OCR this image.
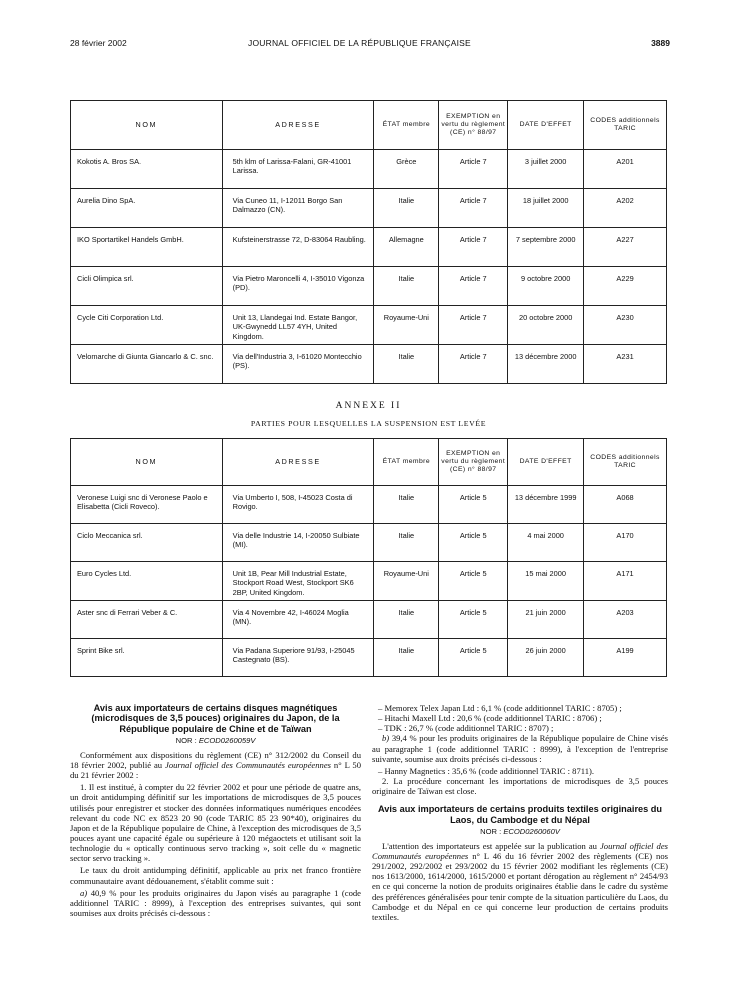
28 février 2002	JOURNAL OFFICIEL DE LA RÉPUBLIQUE FRANÇAISE	3889
NOM	ADRESSE	ÉTAT membre	EXEMPTION en vertu du règlement (CE) n° 88/97	DATE D'EFFET	CODES additionnels TARIC
Kokotis A. Bros SA.	5th klm of Larissa-Falani, GR-41001 Larissa.	Grèce	Article 7	3 juillet 2000	A201
Aurelia Dino SpA.	Via Cuneo 11, I-12011 Borgo San Dalmazzo (CN).	Italie	Article 7	18 juillet 2000	A202
IKO Sportartikel Handels GmbH.	Kufsteinerstrasse 72, D-83064 Raubling.	Allemagne	Article 7	7 septembre 2000	A227
Cicli Olimpica srl.	Via Pietro Maroncelli 4, I-35010 Vigonza (PD).	Italie	Article 7	9 octobre 2000	A229
Cycle Citi Corporation Ltd.	Unit 13, Llandegai Ind. Estate Bangor, UK-Gwynedd LL57 4YH, United Kingdom.	Royaume-Uni	Article 7	20 octobre 2000	A230
Velomarche di Giunta Giancarlo & C. snc.	Via dell'Industria 3, I-61020 Montecchio (PS).	Italie	Article 7	13 décembre 2000	A231
ANNEXE II
PARTIES POUR LESQUELLES LA SUSPENSION EST LEVÉE
NOM	ADRESSE	ÉTAT membre	EXEMPTION en vertu du règlement (CE) n° 88/97	DATE D'EFFET	CODES additionnels TARIC
Veronese Luigi snc di Veronese Paolo e Elisabetta (Cicli Roveco).	Via Umberto I, 508, I-45023 Costa di Rovigo.	Italie	Article 5	13 décembre 1999	A068
Ciclo Meccanica srl.	Via delle Industrie 14, I-20050 Sulbiate (MI).	Italie	Article 5	4 mai 2000	A170
Euro Cycles Ltd.	Unit 1B, Pear Mill Industrial Estate, Stockport Road West, Stockport SK6 2BP, United Kingdom.	Royaume-Uni	Article 5	15 mai 2000	A171
Aster snc di Ferrari Veber & C.	Via 4 Novembre 42, I-46024 Moglia (MN).	Italie	Article 5	21 juin 2000	A203
Sprint Bike srl.	Via Padana Superiore 91/93, I-25045 Castegnato (BS).	Italie	Article 5	26 juin 2000	A199
Avis aux importateurs de certains disques magnétiques (microdisques de 3,5 pouces) originaires du Japon, de la République populaire de Chine et de Taïwan
NOR : ECOD0260059V

Conformément aux dispositions du règlement (CE) n° 312/2002 du Conseil du 18 février 2002, publié au Journal officiel des Communautés européennes n° L 50 du 21 février 2002 :

1. Il est institué, à compter du 22 février 2002 et pour une période de quatre ans, un droit antidumping définitif sur les importations de microdisques de 3,5 pouces utilisés pour enregistrer et stocker des données informatiques numériques encodées relevant du code NC ex 8523 20 90 (code TARIC 85 23 90*40), originaires du Japon et de la République populaire de Chine, à l'exception des microdisques de 3,5 pouces ayant une capacité égale ou supérieure à 120 mégaoctets et utilisant soit la technologie du « optically continuous servo tracking », soit celle du « magnetic sector servo tracking ».

Le taux du droit antidumping définitif, applicable au prix net franco frontière communautaire avant dédouanement, s'établit comme suit :

a) 40,9 % pour les produits originaires du Japon visés au paragraphe 1 (code additionnel TARIC : 8999), à l'exception des entreprises suivantes, qui sont soumises aux droits précisés ci-dessous :

– Memorex Telex Japan Ltd : 6,1 % (code additionnel TARIC : 8705) ;
– Hitachi Maxell Ltd : 20,6 % (code additionnel TARIC : 8706) ;
– TDK : 26,7 % (code additionnel TARIC : 8707) ;

b) 39,4 % pour les produits originaires de la République populaire de Chine visés au paragraphe 1 (code additionnel TARIC : 8999), à l'exception de l'entreprise suivante, soumise aux droits précisés ci-dessous :

– Hanny Magnetics : 35,6 % (code additionnel TARIC : 8711).

2. La procédure concernant les importations de microdisques de 3,5 pouces originaire de Taïwan est close.

Avis aux importateurs de certains produits textiles originaires du Laos, du Cambodge et du Népal
NOR : ECOD0260060V

L'attention des importateurs est appelée sur la publication au Journal officiel des Communautés européennes n° L 46 du 16 février 2002 des règlements (CE) nos 291/2002, 292/2002 et 293/2002 du 15 février 2002 modifiant les règlements (CE) nos 1613/2000, 1614/2000, 1615/2000 et portant dérogation au règlement n° 2454/93 en ce qui concerne la notion de produits originaires établie dans le cadre du système des préférences généralisées pour tenir compte de la situation particulière du Laos, du Cambodge et du Népal en ce qui concerne leur production de certains produits textiles.
